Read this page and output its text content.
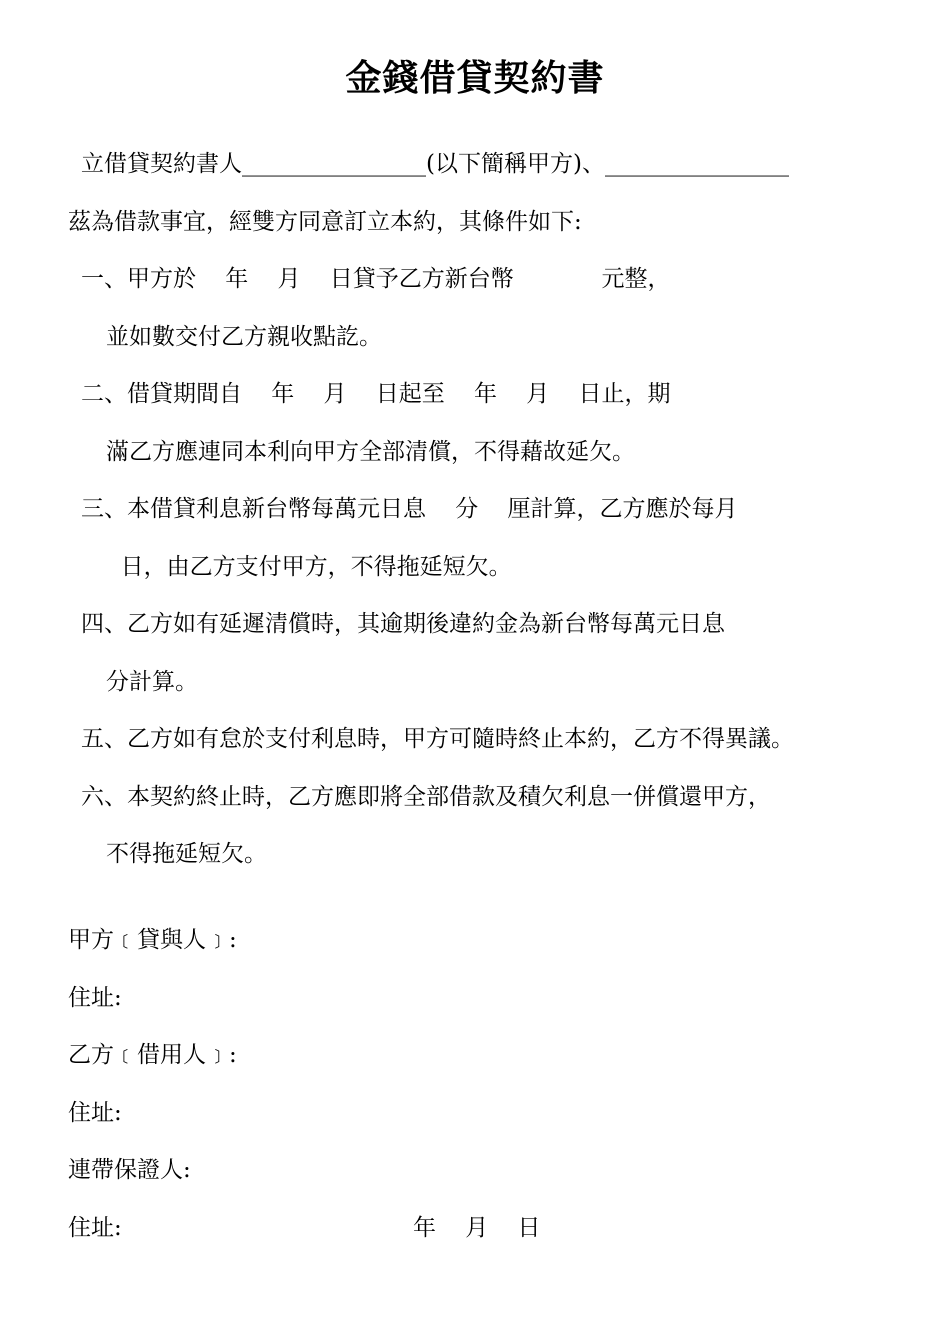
金錢借貸契約書
立借貸契約書人________________(以下簡稱甲方)、________________
茲為借款事宜，經雙方同意訂立本約，其條件如下:
一、甲方於    年    月    日貸予乙方新台幣            元整，
並如數交付乙方親收點訖。
二、借貸期間自    年    月    日起至    年    月    日止，期
滿乙方應連同本利向甲方全部清償，不得藉故延欠。
三、本借貸利息新台幣每萬元日息    分    厘計算，乙方應於每月
日，由乙方支付甲方，不得拖延短欠。
四、乙方如有延遲清償時，其逾期後違約金為新台幣每萬元日息
分計算。
五、乙方如有怠於支付利息時，甲方可隨時終止本約，乙方不得異議。
六、本契約終止時，乙方應即將全部借款及積欠利息一併償還甲方，
不得拖延短欠。
甲方﹝貸與人﹞:
住址:
乙方﹝借用人﹞:
住址:
連帶保證人:
住址:	年    月    日
